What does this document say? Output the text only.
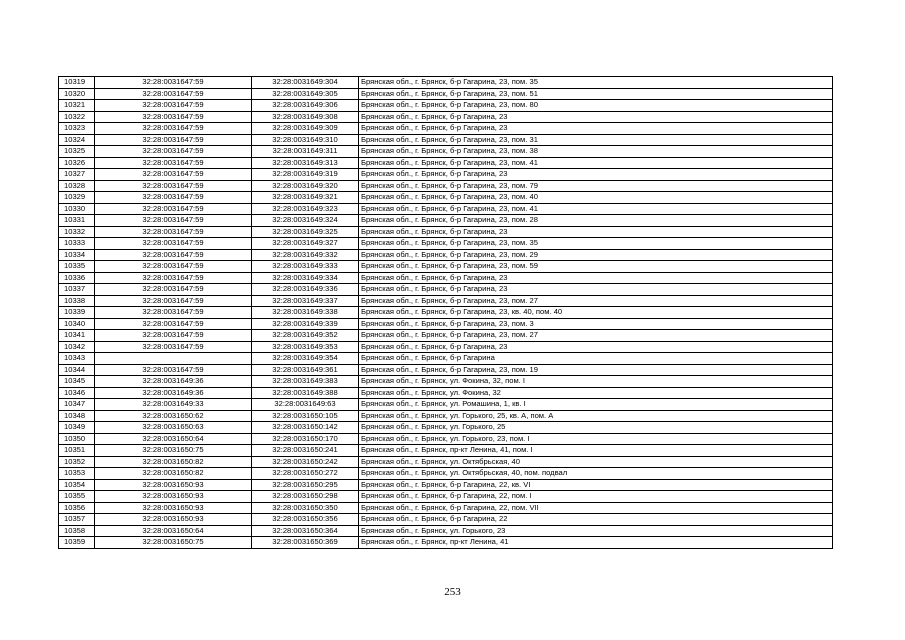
10319	32:28:0031647:59	32:28:0031649:304	Брянская обл., г. Брянск, б-р Гагарина, 23, пом. 35
10320	32:28:0031647:59	32:28:0031649:305	Брянская обл., г. Брянск, б-р Гагарина, 23, пом. 51
10321	32:28:0031647:59	32:28:0031649:306	Брянская обл., г. Брянск, б-р Гагарина, 23, пом. 80
10322	32:28:0031647:59	32:28:0031649:308	Брянская обл., г. Брянск, б-р Гагарина, 23
10323	32:28:0031647:59	32:28:0031649:309	Брянская обл., г. Брянск, б-р Гагарина, 23
10324	32:28:0031647:59	32:28:0031649:310	Брянская обл., г. Брянск, б-р Гагарина, 23, пом. 31
10325	32:28:0031647:59	32:28:0031649:311	Брянская обл., г. Брянск, б-р Гагарина, 23, пом. 38
10326	32:28:0031647:59	32:28:0031649:313	Брянская обл., г. Брянск, б-р Гагарина, 23, пом. 41
10327	32:28:0031647:59	32:28:0031649:319	Брянская обл., г. Брянск, б-р Гагарина, 23
10328	32:28:0031647:59	32:28:0031649:320	Брянская обл., г. Брянск, б-р Гагарина, 23, пом. 79
10329	32:28:0031647:59	32:28:0031649:321	Брянская обл., г. Брянск, б-р Гагарина, 23, пом. 40
10330	32:28:0031647:59	32:28:0031649:323	Брянская обл., г. Брянск, б-р Гагарина, 23, пом. 41
10331	32:28:0031647:59	32:28:0031649:324	Брянская обл., г. Брянск, б-р Гагарина, 23, пом. 28
10332	32:28:0031647:59	32:28:0031649:325	Брянская обл., г. Брянск, б-р Гагарина, 23
10333	32:28:0031647:59	32:28:0031649:327	Брянская обл., г. Брянск, б-р Гагарина, 23, пом. 35
10334	32:28:0031647:59	32:28:0031649:332	Брянская обл., г. Брянск, б-р Гагарина, 23, пом. 29
10335	32:28:0031647:59	32:28:0031649:333	Брянская обл., г. Брянск, б-р Гагарина, 23, пом. 59
10336	32:28:0031647:59	32:28:0031649:334	Брянская обл., г. Брянск, б-р Гагарина, 23
10337	32:28:0031647:59	32:28:0031649:336	Брянская обл., г. Брянск, б-р Гагарина, 23
10338	32:28:0031647:59	32:28:0031649:337	Брянская обл., г. Брянск, б-р Гагарина, 23, пом. 27
10339	32:28:0031647:59	32:28:0031649:338	Брянская обл., г. Брянск, б-р Гагарина, 23, кв. 40, пом. 40
10340	32:28:0031647:59	32:28:0031649:339	Брянская обл., г. Брянск, б-р Гагарина, 23, пом. 3
10341	32:28:0031647:59	32:28:0031649:352	Брянская обл., г. Брянск, б-р Гагарина, 23, пом. 27
10342	32:28:0031647:59	32:28:0031649:353	Брянская обл., г. Брянск, б-р Гагарина, 23
10343		32:28:0031649:354	Брянская обл., г. Брянск, б-р Гагарина
10344	32:28:0031647:59	32:28:0031649:361	Брянская обл., г. Брянск, б-р Гагарина, 23, пом. 19
10345	32:28:0031649:36	32:28:0031649:383	Брянская обл., г. Брянск, ул. Фокина, 32, пом. I
10346	32:28:0031649:36	32:28:0031649:388	Брянская обл., г. Брянск, ул. Фокина, 32
10347	32:28:0031649:33	32:28:0031649:63	Брянская обл., г. Брянск, ул. Ромашина, 1, кв. I
10348	32:28:0031650:62	32:28:0031650:105	Брянская обл., г. Брянск, ул. Горького, 25, кв. А, пом. А
10349	32:28:0031650:63	32:28:0031650:142	Брянская обл., г. Брянск, ул. Горького, 25
10350	32:28:0031650:64	32:28:0031650:170	Брянская обл., г. Брянск, ул. Горького, 23, пом. I
10351	32:28:0031650:75	32:28:0031650:241	Брянская обл., г. Брянск, пр-кт Ленина, 41, пом. I
10352	32:28:0031650:82	32:28:0031650:242	Брянская обл., г. Брянск, ул. Октябрьская, 40
10353	32:28:0031650:82	32:28:0031650:272	Брянская обл., г. Брянск, ул. Октябрьская, 40, пом. подвал
10354	32:28:0031650:93	32:28:0031650:295	Брянская обл., г. Брянск, б-р Гагарина, 22, кв. VI
10355	32:28:0031650:93	32:28:0031650:298	Брянская обл., г. Брянск, б-р Гагарина, 22, пом. I
10356	32:28:0031650:93	32:28:0031650:350	Брянская обл., г. Брянск, б-р Гагарина, 22, пом. VII
10357	32:28:0031650:93	32:28:0031650:356	Брянская обл., г. Брянск, б-р Гагарина, 22
10358	32:28:0031650:64	32:28:0031650:364	Брянская обл., г. Брянск, ул. Горького, 23
10359	32:28:0031650:75	32:28:0031650:369	Брянская обл., г. Брянск, пр-кт Ленина, 41
253
